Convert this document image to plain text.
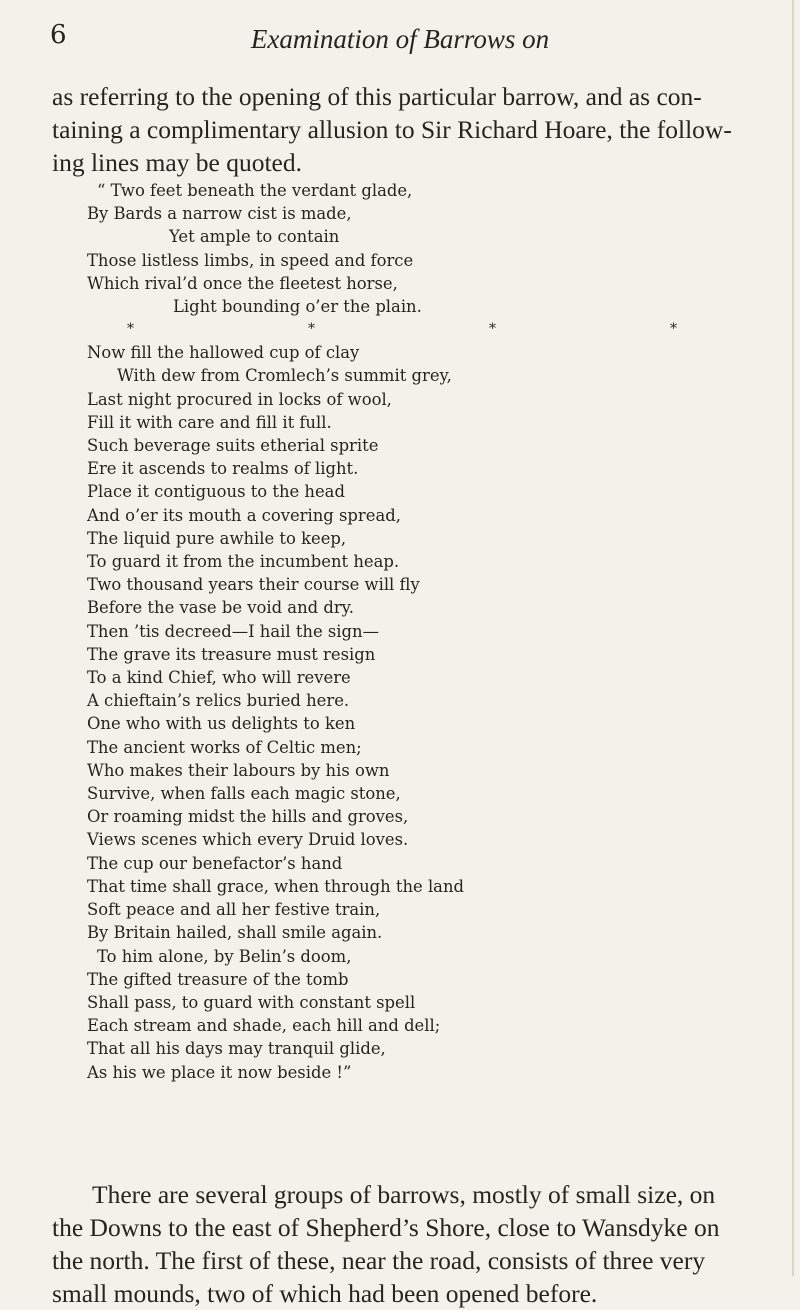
6	Examination of Barrows on
as referring to the opening of this particular barrow, and as con-
taining a complimentary allusion to Sir Richard Hoare, the follow-
ing lines may be quoted.
“ Two feet beneath the verdant glade,
By Bards a narrow cist is made,
Yet ample to contain
Those listless limbs, in speed and force
Which rival’d once the fleetest horse,
Light bounding o’er the plain.
*	*	*	*
Now fill the hallowed cup of clay
With dew from Cromlech’s summit grey,
Last night procured in locks of wool,
Fill it with care and fill it full.
Such beverage suits etherial sprite
Ere it ascends to realms of light.
Place it contiguous to the head
And o’er its mouth a covering spread,
The liquid pure awhile to keep,
To guard it from the incumbent heap.
Two thousand years their course will fly
Before the vase be void and dry.
Then ’tis decreed—I hail the sign—
The grave its treasure must resign
To a kind Chief, who will revere
A chieftain’s relics buried here.
One who with us delights to ken
The ancient works of Celtic men;
Who makes their labours by his own
Survive, when falls each magic stone,
Or roaming midst the hills and groves,
Views scenes which every Druid loves.
The cup our benefactor’s hand
That time shall grace, when through the land
Soft peace and all her festive train,
By Britain hailed, shall smile again.
To him alone, by Belin’s doom,
The gifted treasure of the tomb
Shall pass, to guard with constant spell
Each stream and shade, each hill and dell;
That all his days may tranquil glide,
As his we place it now beside !”
There are several groups of barrows, mostly of small size, on
the Downs to the east of Shepherd’s Shore, close to Wansdyke on
the north. The first of these, near the road, consists of three very
small mounds, two of which had been opened before.
